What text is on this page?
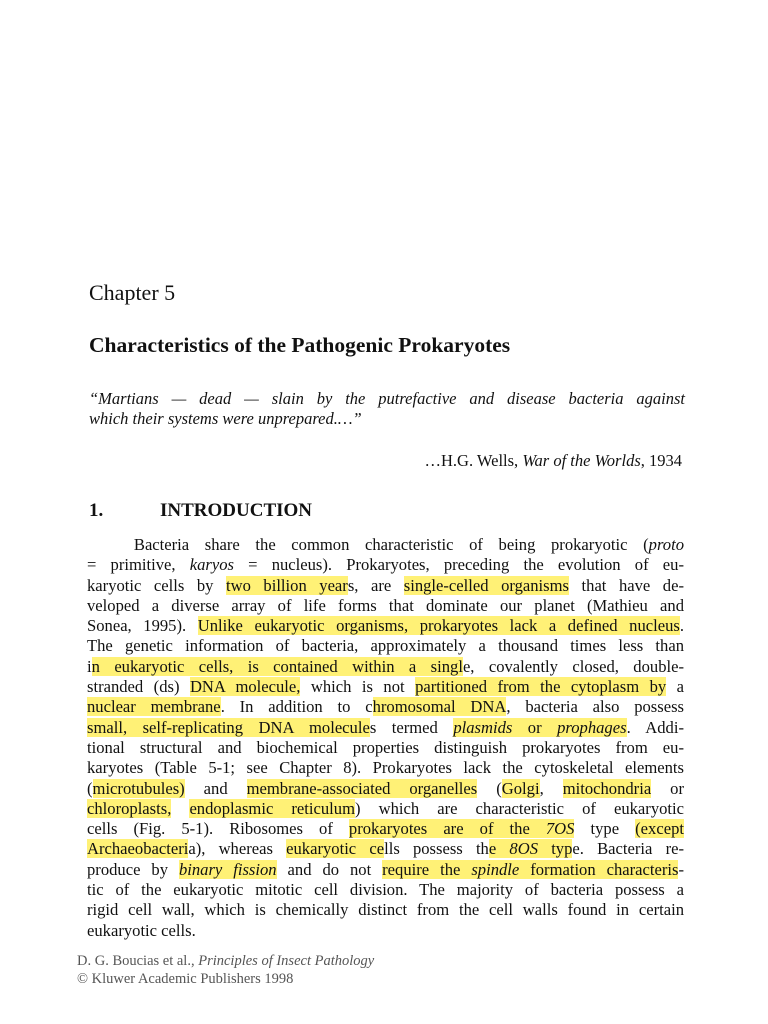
Chapter 5
Characteristics of the Pathogenic Prokaryotes
“Martians — dead — slain by the putrefactive and disease bacteria against
which their systems were unprepared.…”
…H.G. Wells, War of the Worlds, 1934
1.	INTRODUCTION
Bacteria share the common characteristic of being prokaryotic (proto
= primitive, karyos = nucleus). Prokaryotes, preceding the evolution of eu-
karyotic cells by two billion years, are single-celled organisms that have de-
veloped a diverse array of life forms that dominate our planet (Mathieu and
Sonea, 1995). Unlike eukaryotic organisms, prokaryotes lack a defined nucleus.
The genetic information of bacteria, approximately a thousand times less than
in eukaryotic cells, is contained within a single, covalently closed, double-
stranded (ds) DNA molecule, which is not partitioned from the cytoplasm by a
nuclear membrane. In addition to chromosomal DNA, bacteria also possess
small, self-replicating DNA molecules termed plasmids or prophages. Addi-
tional structural and biochemical properties distinguish prokaryotes from eu-
karyotes (Table 5-1; see Chapter 8). Prokaryotes lack the cytoskeletal elements
(microtubules) and membrane-associated organelles (Golgi, mitochondria or
chloroplasts, endoplasmic reticulum) which are characteristic of eukaryotic
cells (Fig. 5-1). Ribosomes of prokaryotes are of the 7OS type (except
Archaeobacteria), whereas eukaryotic cells possess the 8OS type. Bacteria re-
produce by binary fission and do not require the spindle formation characteris-
tic of the eukaryotic mitotic cell division. The majority of bacteria possess a
rigid cell wall, which is chemically distinct from the cell walls found in certain
eukaryotic cells.
D. G. Boucias et al., Principles of Insect Pathology
© Kluwer Academic Publishers 1998
